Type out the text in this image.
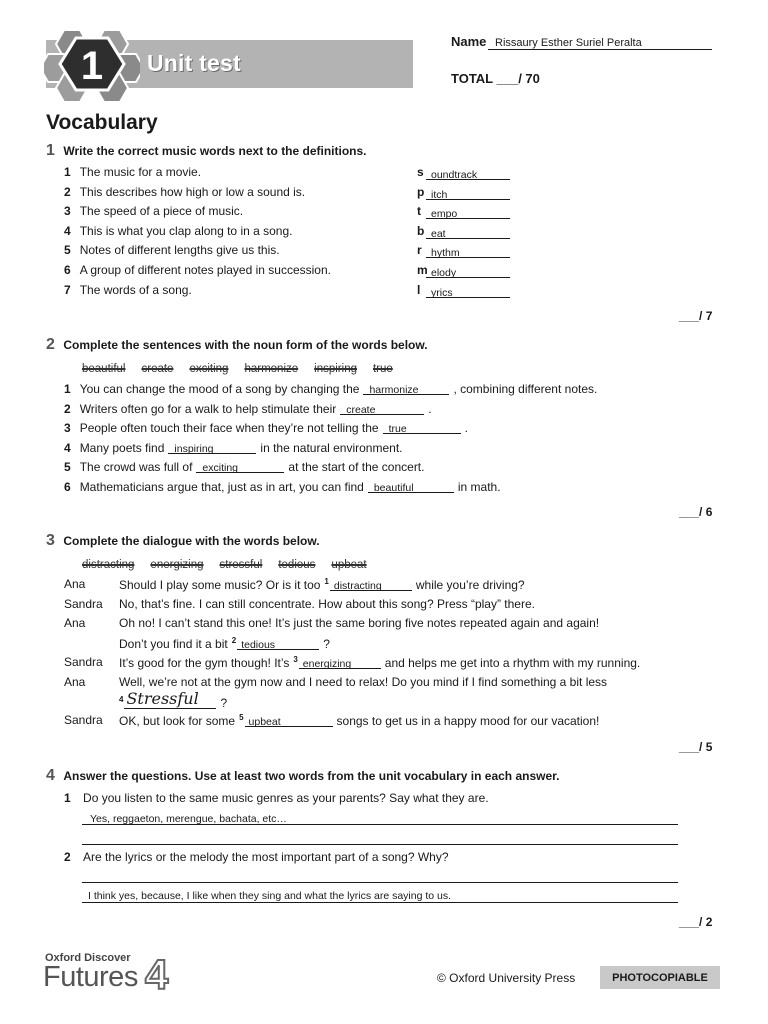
1 Unit test
Name Rissaury Esther Suriel Peralta
TOTAL ___/ 70
Vocabulary
1 Write the correct music words next to the definitions.
1 The music for a movie.	s oundtrack
2 This describes how high or low a sound is.	p itch
3 The speed of a piece of music.	t empo
4 This is what you clap along to in a song.	b eat
5 Notes of different lengths give us this.	r hythm
6 A group of different notes played in succession.	m elody
7 The words of a song.	l yrics
___/ 7
2 Complete the sentences with the noun form of the words below.
beautiful create exciting harmonize inspiring true
1 You can change the mood of a song by changing the harmonize	, combining different notes.
2 Writers often go for a walk to help stimulate their create	.
3 People often touch their face when they’re not telling the true	.
4 Many poets find inspiring	in the natural environment.
5 The crowd was full of exciting	at the start of the concert.
6 Mathematicians argue that, just as in art, you can find beautiful	in math.
___/ 6
3 Complete the dialogue with the words below.
distracting energizing stressful tedious upbeat
Ana	Should I play some music? Or is it too $^1$ distracting	while you’re driving?
Sandra No, that’s fine. I can still concentrate. How about this song? Press “play” there.
Ana	Oh no! I can’t stand this one! It’s just the same boring five notes repeated again and again!
Don’t you find it a bit $^2$ tedious	?
Sandra It’s good for the gym though! It’s $^3$ energizing	and helps me get into a rhythm with my running.
Ana	Well, we’re not at the gym now and I need to relax! Do you mind if I find something a bit less
$^4$ Stressful ?
Sandra OK, but look for some $^5$ upbeat	songs to get us in a happy mood for our vacation!
___/ 5
4 Answer the questions. Use at least two words from the unit vocabulary in each answer.
1 Do you listen to the same music genres as your parents? Say what they are.
Yes, reggaeton, merengue, bachata, etc…
2 Are the lyrics or the melody the most important part of a song? Why?
I think yes, because, I like when they sing and what the lyrics are saying to us.
___/ 2
Oxford Discover
Futures 4	© Oxford University Press	PHOTOCOPIABLE
